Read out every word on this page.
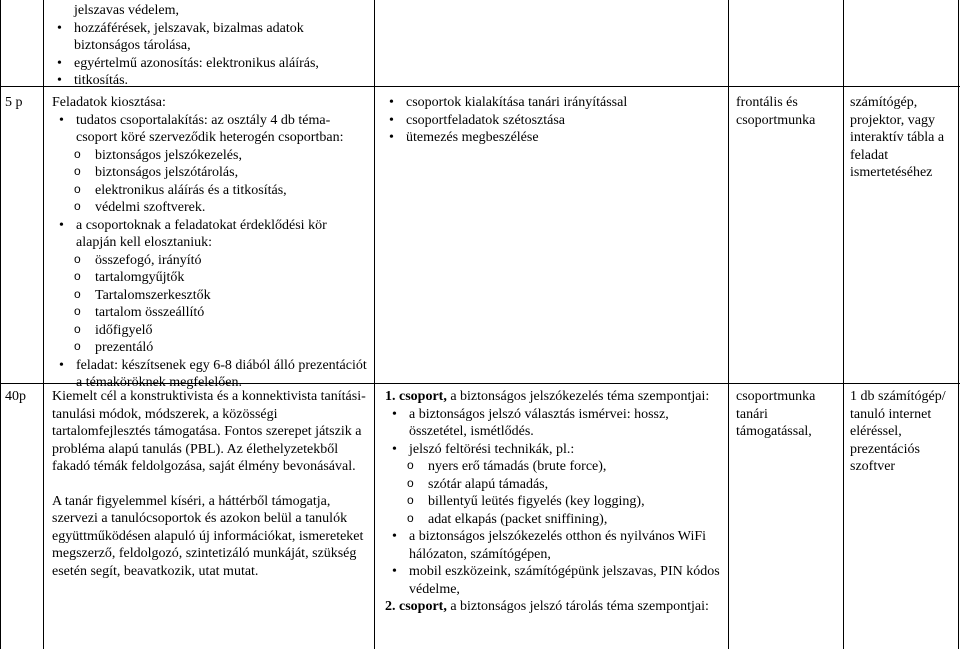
jelszavas védelem,

• hozzáférések, jelszavak, bizalmas adatok biztonságos tárolása,
• egyértelmű azonosítás: elektronikus aláírás,
• titkosítás.
5 p	Feladatok kiosztása:

• tudatos csoportalakítás: az osztály 4 db téma-csoport köré szerveződik heterogén csoportban:
o biztonságos jelszókezelés,
o biztonságos jelszótárolás,
o elektronikus aláírás és a titkosítás,
o védelmi szoftverek.
• a csoportoknak a feladatokat érdeklődési kör alapján kell elosztaniuk:
o összefogó, irányító
o tartalomgyűjtők
o Tartalomszerkesztők
o tartalom összeállító
o időfigyelő
o prezentáló
• feladat: készítsenek egy 6-8 diából álló prezentációt a témaköröknek megfelelően.
• csoportok kialakítása tanári irányítással
• csoportfeladatok szétosztása
• ütemezés megbeszélése
frontális és csoportmunka
számítógép, projektor, vagy interaktív tábla a feladat ismertetéséhez
40p	Kiemelt cél a konstruktivista és a konnektivista tanítási-tanulási módok, módszerek, a közösségi tartalomfejlesztés támogatása. Fontos szerepet játszik a probléma alapú tanulás (PBL). Az élethelyzetekből fakadó témák feldolgozása, saját élmény bevonásával.

A tanár figyelemmel kíséri, a háttérből támogatja, szervezi a tanulócsoportok és azokon belül a tanulók együttműködésen alapuló új információkat, ismereteket megszerző, feldolgozó, szintetizáló munkáját, szükség esetén segít, beavatkozik, utat mutat.

1. csoport, a biztonságos jelszókezelés téma szempontjai:

• a biztonságos jelszó választás ismérvei: hossz, összetétel, ismétlődés.
• jelszó feltörési technikák, pl.:
o nyers erő támadás (brute force),
o szótár alapú támadás,
o billentyű leütés figyelés (key logging),
o adat elkapás (packet sniffining),
• a biztonságos jelszókezelés otthon és nyilvános WiFi hálózaton, számítógépen,
• mobil eszközeink, számítógépünk jelszavas, PIN kódos védelme,

2. csoport, a biztonságos jelszó tárolás téma szempontjai:

csoportmunka tanári támogatással,
1 db számítógép/ tanuló internet eléréssel, prezentációs szoftver
